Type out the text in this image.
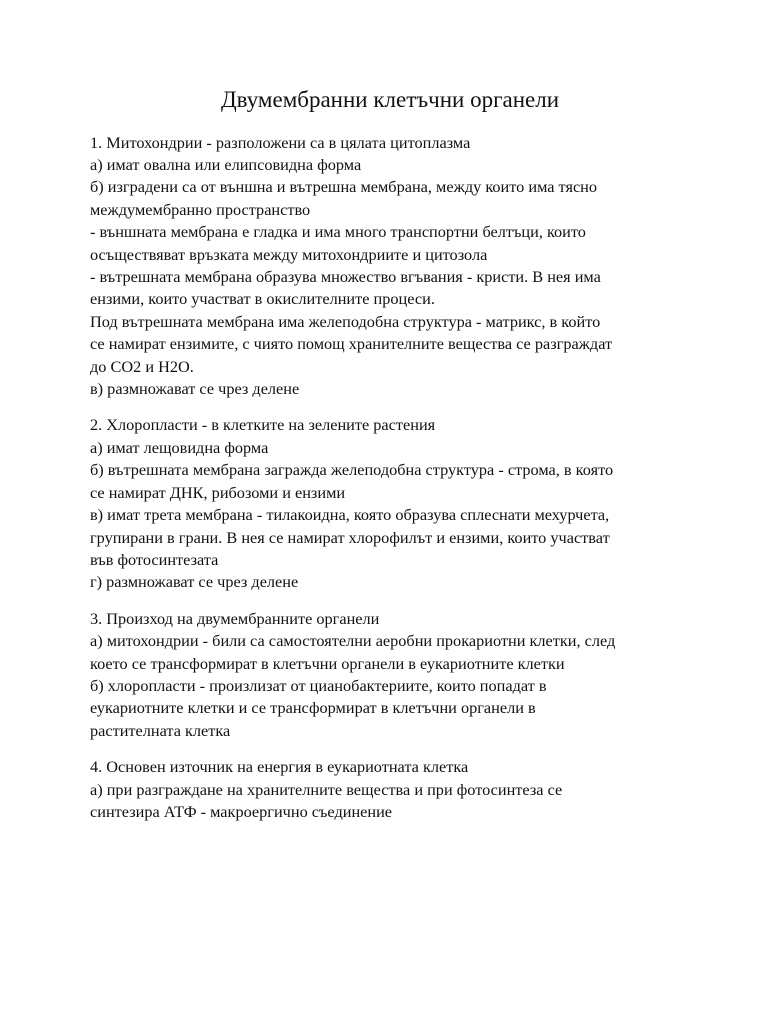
Двумембранни клетъчни органели
1. Митохондрии - разположени са в цялата цитоплазма
а) имат овална или елипсовидна форма
б) изградени са от външна и вътрешна мембрана, между които има тясно
междумембранно пространство
- външната мембрана е гладка и има много транспортни белтъци, които
осъществяват връзката между митохондриите и цитозола
- вътрешната мембрана образува множество вгъвания - кристи. В нея има
ензими, които участват в окислителните процеси.
Под вътрешната мембрана има желеподобна структура - матрикс, в който
се намират ензимите, с чиято помощ хранителните вещества се разграждат
до CO2 и H2O.
в) размножават се чрез делене
2. Хлоропласти - в клетките на зелените растения
а) имат лещовидна форма
б) вътрешната мембрана загражда желеподобна структура - строма, в която
се намират ДНК, рибозоми и ензими
в) имат трета мембрана - тилакоидна, която образува сплеснати мехурчета,
групирани в грани. В нея се намират хлорофилът и ензими, които участват
във фотосинтезата
г) размножават се чрез делене
3. Произход на двумембранните органели
а) митохондрии - били са самостоятелни аеробни прокариотни клетки, след
което се трансформират в клетъчни органели в еукариотните клетки
б) хлоропласти - произлизат от цианобактериите, които попадат в
еукариотните клетки и се трансформират в клетъчни органели в
растителната клетка
4. Основен източник на енергия в еукариотната клетка
а) при разграждане на хранителните вещества и при фотосинтеза се
синтезира АТФ - макроергично съединение
